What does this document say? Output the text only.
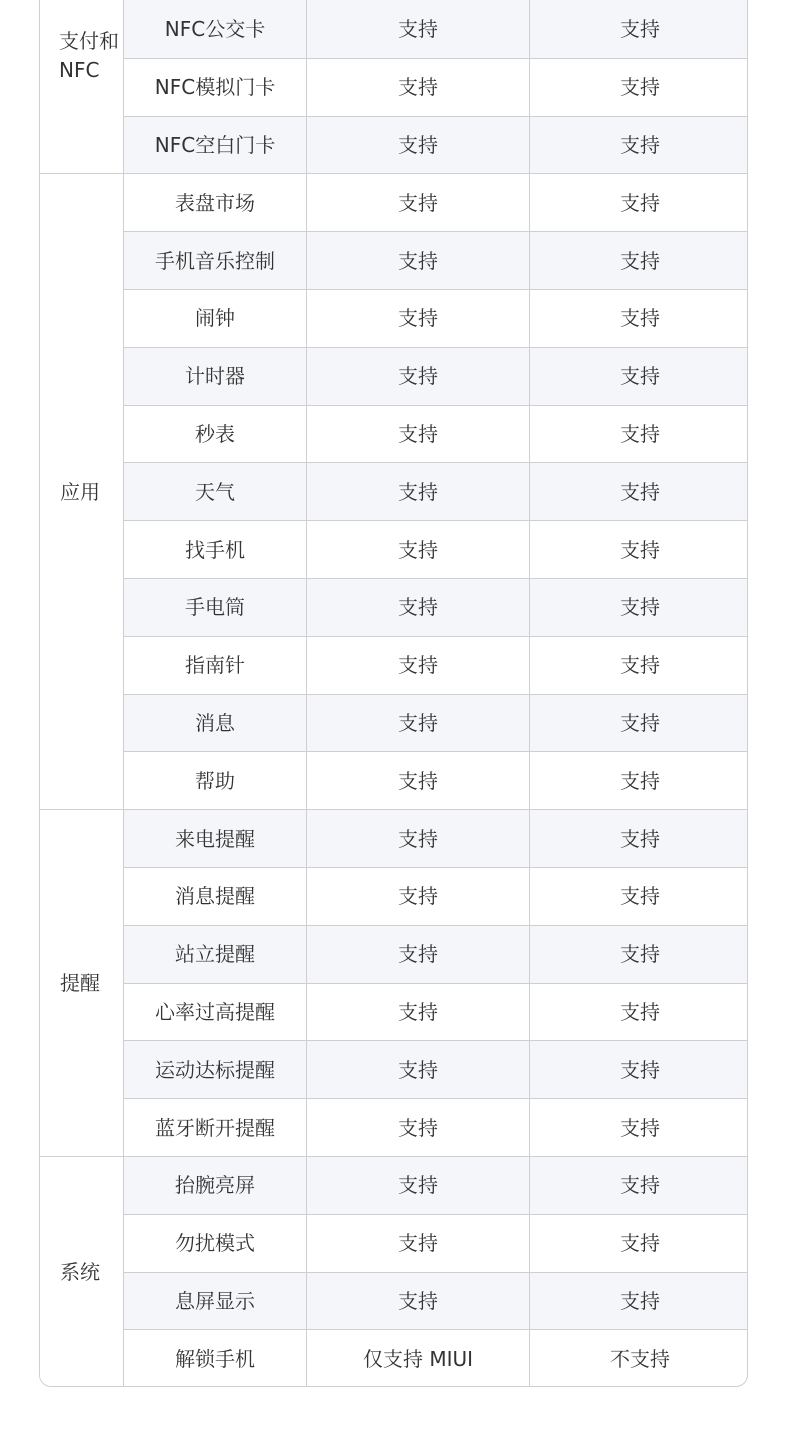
支付和NFC	NFC公交卡	支持	支持
	NFC模拟门卡	支持	支持
	NFC空白门卡	支持	支持
应用	表盘市场	支持	支持
	手机音乐控制	支持	支持
	闹钟	支持	支持
	计时器	支持	支持
	秒表	支持	支持
	天气	支持	支持
	找手机	支持	支持
	手电筒	支持	支持
	指南针	支持	支持
	消息	支持	支持
	帮助	支持	支持
提醒	来电提醒	支持	支持
	消息提醒	支持	支持
	站立提醒	支持	支持
	心率过高提醒	支持	支持
	运动达标提醒	支持	支持
	蓝牙断开提醒	支持	支持
系统	抬腕亮屏	支持	支持
	勿扰模式	支持	支持
	息屏显示	支持	支持
	解锁手机	仅支持 MIUI	不支持
